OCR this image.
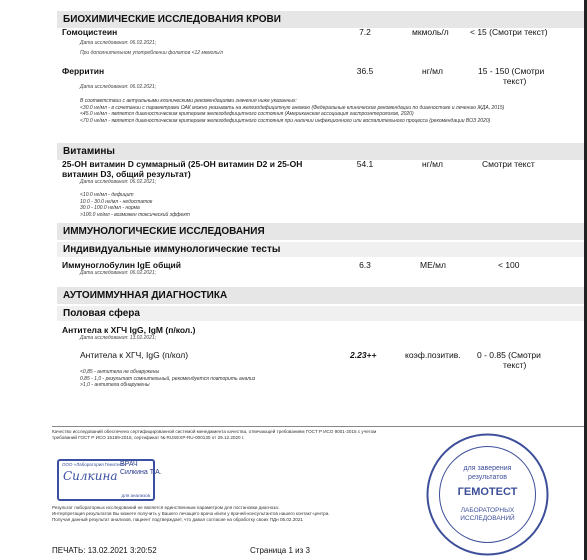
БИОХИМИЧЕСКИЕ ИССЛЕДОВАНИЯ КРОВИ
Гомоцистеин	7.2	мкмоль/л	< 15 (Смотри текст)
Дата исследования: 06.02.2021;
При дополнительном употреблении фолатов <12 мкмоль/л
Ферритин	36.5	нг/мл	15 - 150 (Смотри
текст)
Дата исследования: 06.02.2021;
В соответствии с актуальными клиническими рекомендациями значения ниже указанных:
<30.0 нг/мл - в сочетании с параметрами ОАК можно указывать на железодефицитную анемию (Федеральные клинические рекомендации по диагностике и лечению ЖДА, 2015)
<45.0 нг/мл - является диагностическим критерием железодефицитного состояния (Американская ассоциация гастроэнтерологов, 2020)
<70.0 нг/мл - является диагностическим критерием железодефицитного состояния при наличии инфекционного или воспалительного процесса (рекомендации ВОЗ 2020)
Витамины
25-ОН витамин D суммарный (25-ОН витамин D2 и 25-ОН
витамин D3, общий результат)
54.1	нг/мл	Смотри текст
Дата исследования: 06.02.2021;
<10.0 нг/мл - дефицит
10.0 - 30.0 нг/мл - недостаток
30.0 - 100.0 нг/мл - норма
>100.0 нг/мл - возможен токсический эффект
ИММУНОЛОГИЧЕСКИЕ ИССЛЕДОВАНИЯ
Индивидуальные иммунологические тесты
Иммуноглобулин IgE общий	6.3	МЕ/мл	< 100
Дата исследования: 06.02.2021;
АУТОИММУННАЯ ДИАГНОСТИКА
Половая сфера
Антитела к ХГЧ IgG, IgM (п/кол.)
Дата исследования: 13.02.2021;
Антитела к ХГЧ, IgG (п/кол)	2.23++	коэф.позитив. 0 - 0.85 (Смотри
текст)
<0,85 - антитела не обнаружены
0,85 - 1,0 - результат сомнительный, рекомендуется повторить анализ
>1,0 - антитела обнаружены
Качество исследований обеспечено сертифицированной системой менеджмента качества, отвечающей требованиям ГОСТ Р ИСО 9001-2015 с учетом
требований ГОСТ Р ИСО 15189-2015, сертификат № RUSEXP-RU-000130 от 29.12.2020 г.
ООО «Лаборатория Гемотест»
Силкина
для анализов
ВРАЧ
Силкина Т.А.
для заверения
результатов
ГЕМОТЕСТ
ЛАБОРАТОРНЫХ
ИССЛЕДОВАНИЙ
Результат лабораторных исследований не является единственным параметром для постановки диагноза.
Интерпретация результатов Вы можете получить у Вашего лечащего врача и/или у врачей-консультантов нашего контакт-центра.
Получая данный результат анализов, пациент подтверждает, что давал согласие на обработку своих ПДн 05.02.2021
ПЕЧАТЬ: 13.02.2021 3:20:52	Страница 1 из 3
